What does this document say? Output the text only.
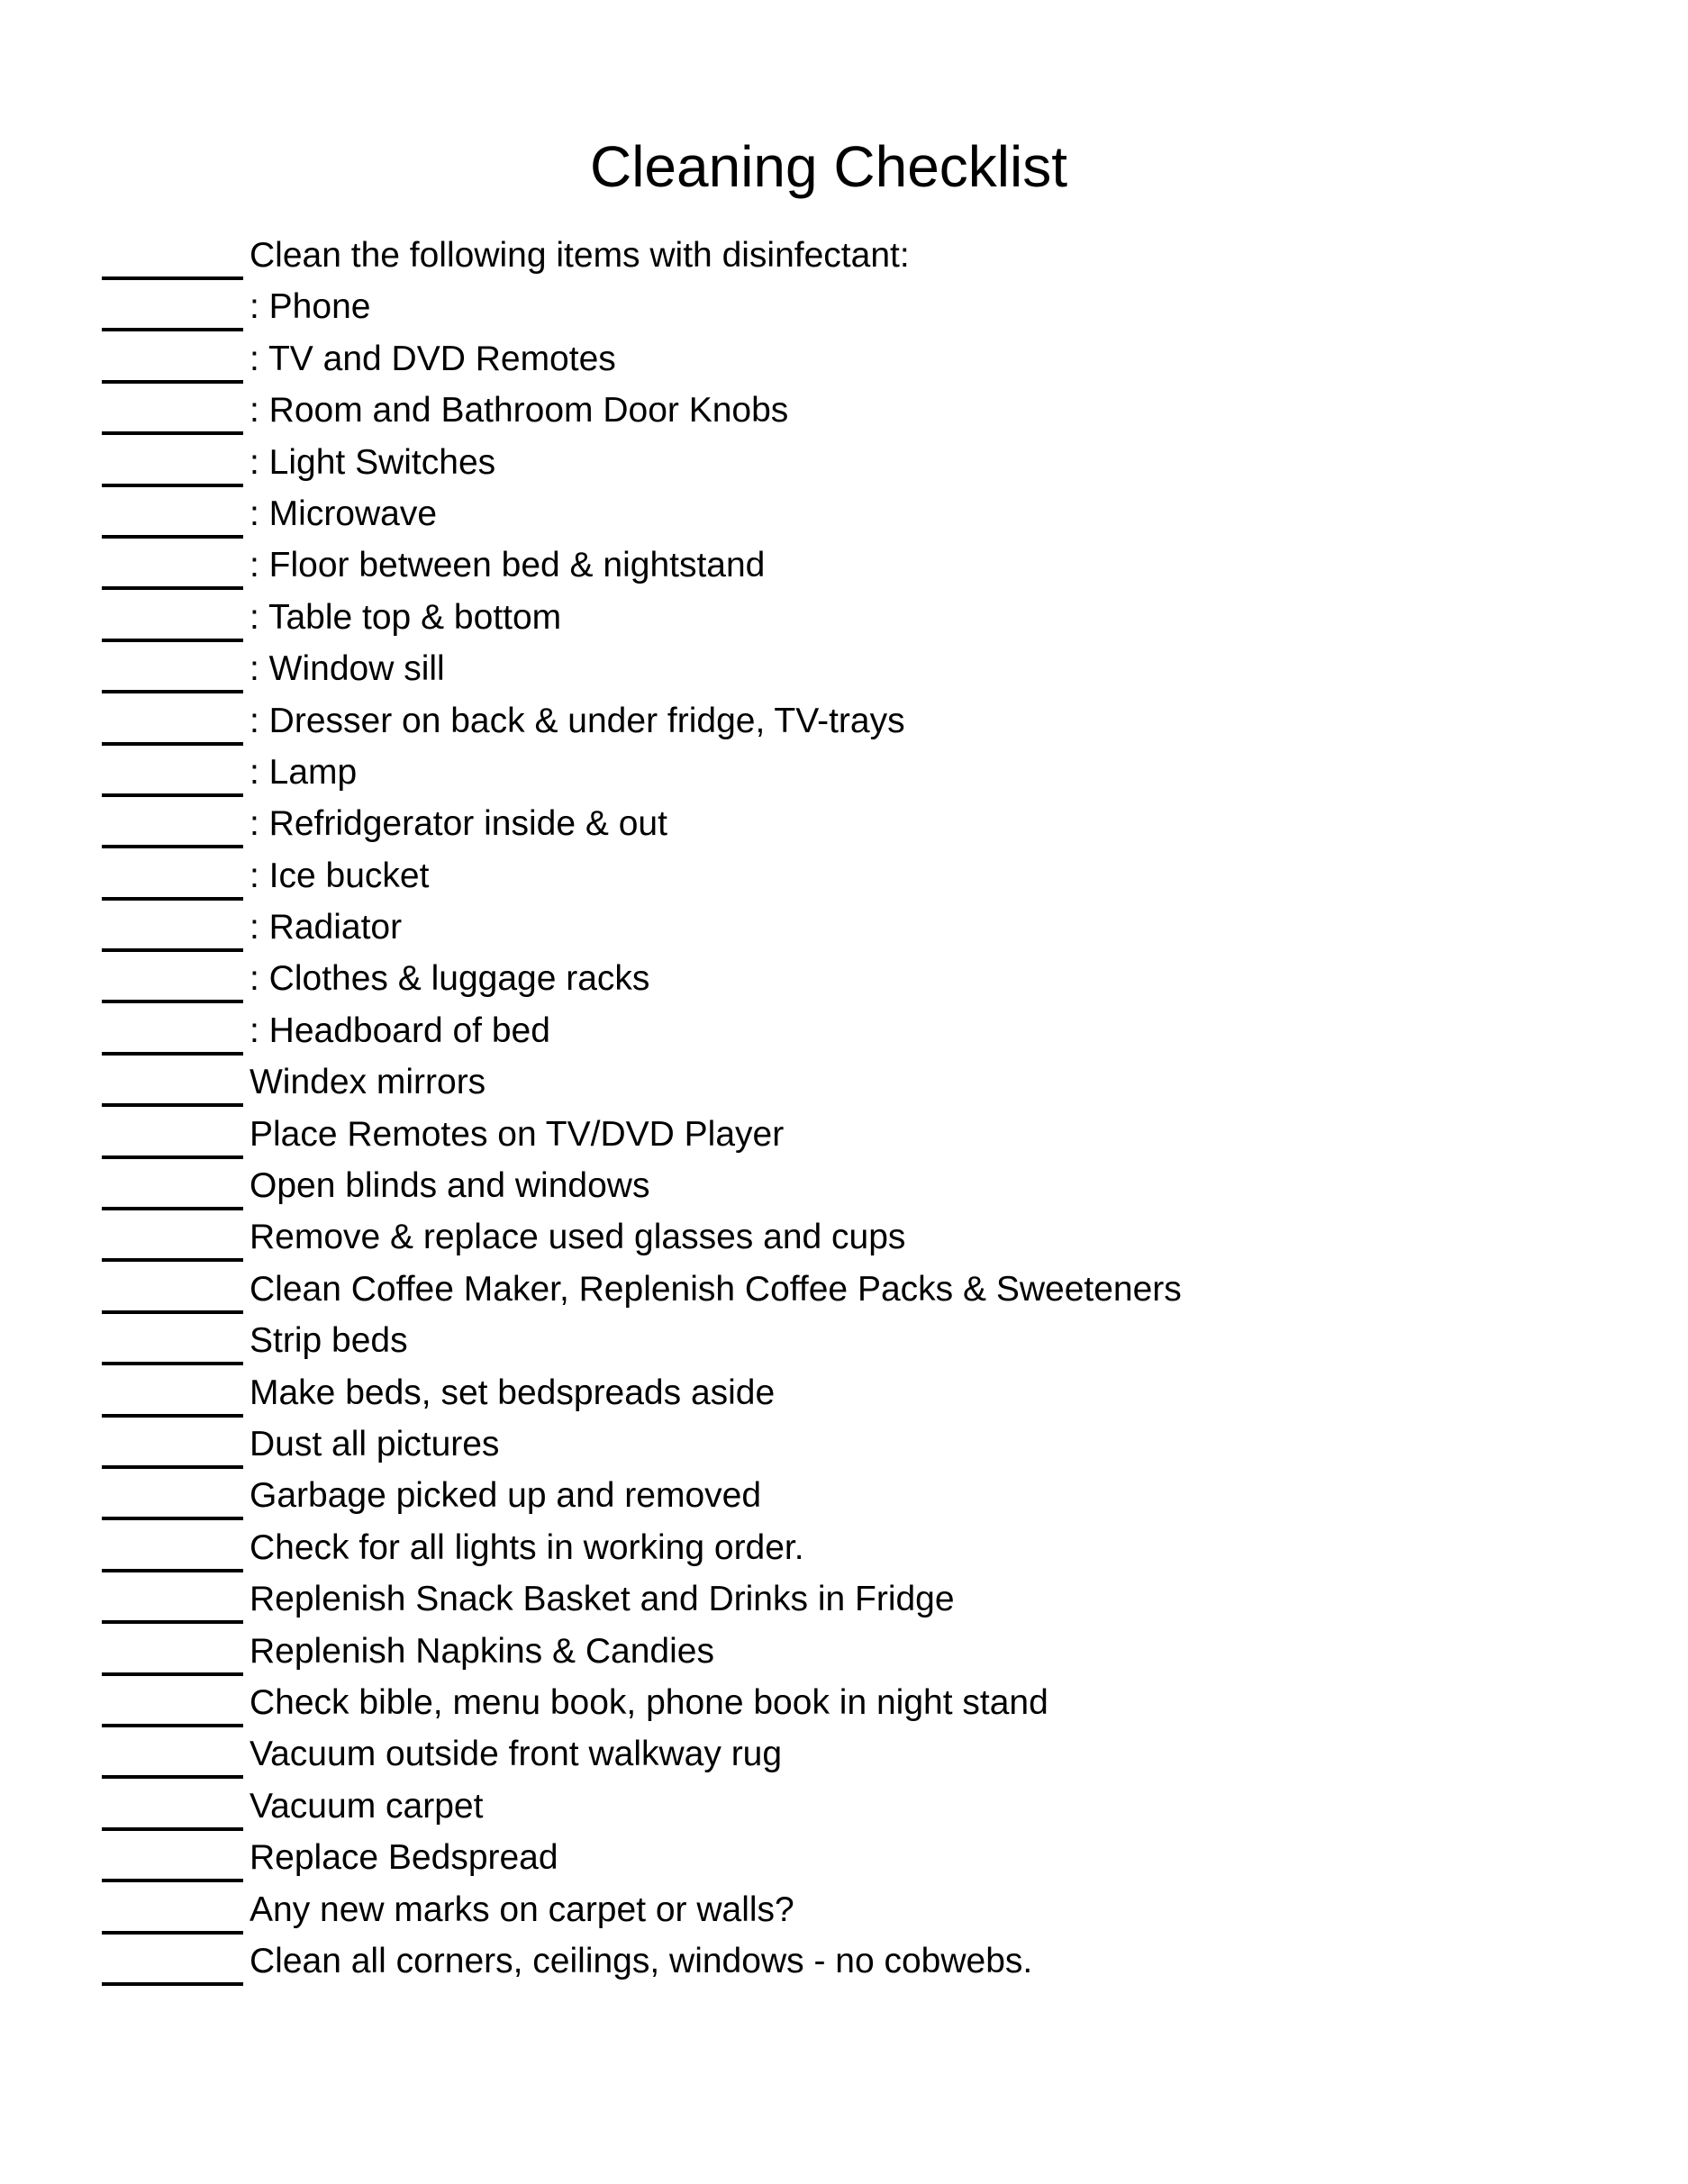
Cleaning Checklist
Clean the following items with disinfectant:
: Phone
: TV and DVD Remotes
: Room and Bathroom Door Knobs
: Light Switches
: Microwave
: Floor between bed & nightstand
: Table top & bottom
: Window sill
: Dresser on back & under fridge, TV-trays
: Lamp
: Refridgerator inside & out
: Ice bucket
: Radiator
: Clothes & luggage racks
: Headboard of bed
Windex mirrors
Place Remotes on TV/DVD Player
Open blinds and windows
Remove & replace used glasses and cups
Clean Coffee Maker, Replenish Coffee Packs & Sweeteners
Strip beds
Make beds, set bedspreads aside
Dust all pictures
Garbage picked up and removed
Check for all lights in working order.
Replenish Snack Basket and Drinks in Fridge
Replenish Napkins & Candies
Check bible, menu book, phone book in night stand
Vacuum outside front walkway rug
Vacuum carpet
Replace Bedspread
Any new marks on carpet or walls?
Clean all corners, ceilings, windows - no cobwebs.
